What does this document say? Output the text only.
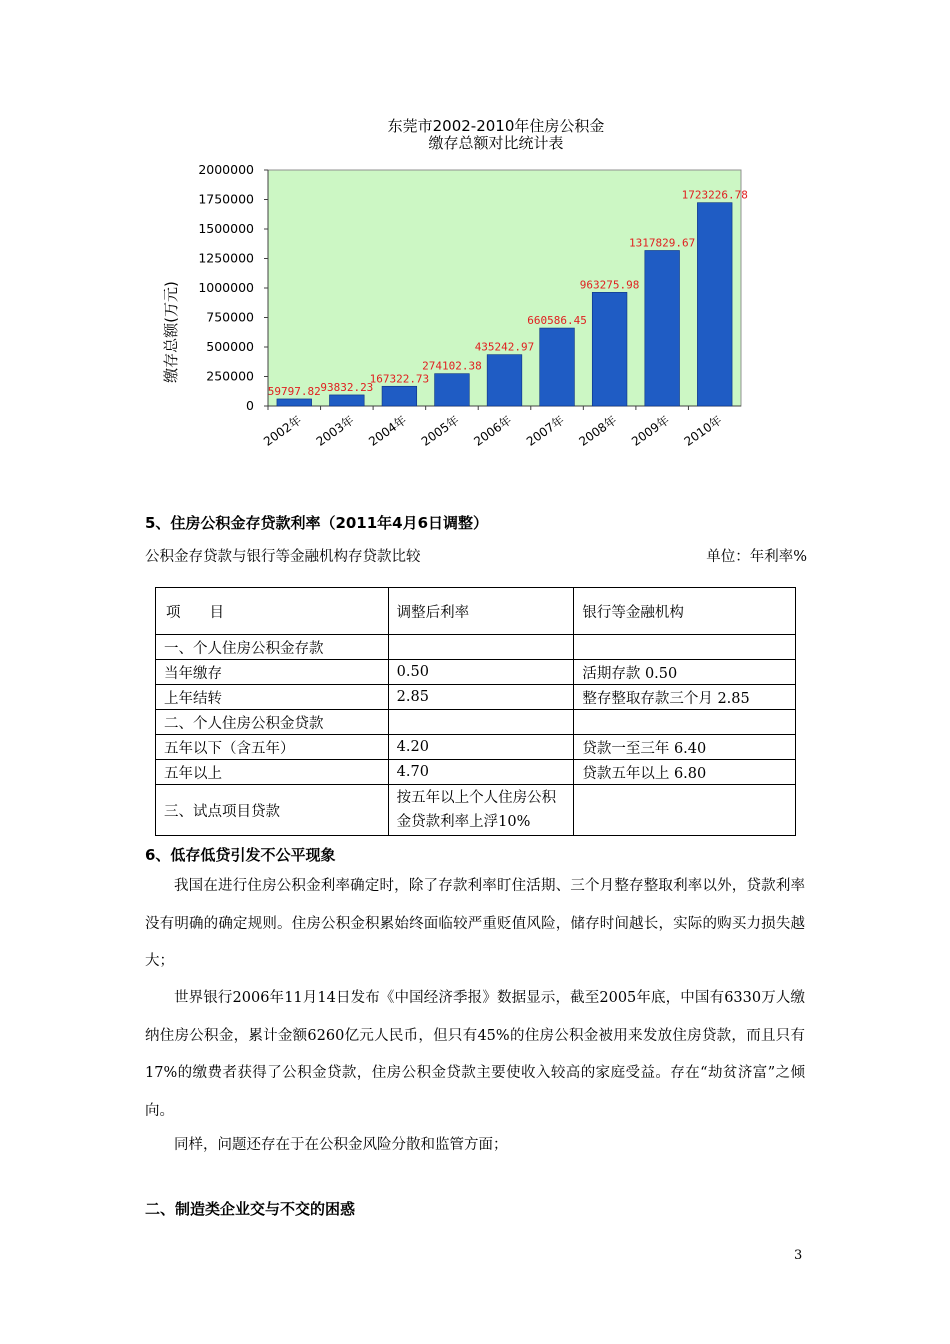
东莞市2002-2010年住房公积金
缴存总额对比统计表
缴存总额(万元)
0
250000
500000
750000
1000000
1250000
1500000
1750000
2000000
59797.82
2002年
93832.23
2003年
167322.73
2004年
274102.38
2005年
435242.97
2006年
660586.45
2007年
963275.98
2008年
1317829.67
2009年
1723226.78
2010年
5、住房公积金存贷款利率（2011年4月6日调整）
公积金存贷款与银行等金融机构存贷款比较	单位：年利率%
项　　目	调整后利率	银行等金融机构
一、个人住房公积金存款		
当年缴存	0.50	活期存款 0.50
上年结转	2.85	整存整取存款三个月 2.85
二、个人住房公积金贷款		
五年以下（含五年）	4.20	贷款一至三年 6.40
五年以上	4.70	贷款五年以上 6.80
三、试点项目贷款	按五年以上个人住房公积金贷款利率上浮10%	
6、低存低贷引发不公平现象

我国在进行住房公积金利率确定时，除了存款利率盯住活期、三个月整存整取利率以外，贷款利率没有明确的确定规则。住房公积金积累始终面临较严重贬值风险，储存时间越长，实际的购买力损失越大；

世界银行2006年11月14日发布《中国经济季报》数据显示，截至2005年底，中国有6330万人缴纳住房公积金，累计金额6260亿元人民币，但只有45%的住房公积金被用来发放住房贷款，而且只有17%的缴费者获得了公积金贷款，住房公积金贷款主要使收入较高的家庭受益。存在“劫贫济富”之倾向。

同样，问题还存在于在公积金风险分散和监管方面；

二、制造类企业交与不交的困惑
3
